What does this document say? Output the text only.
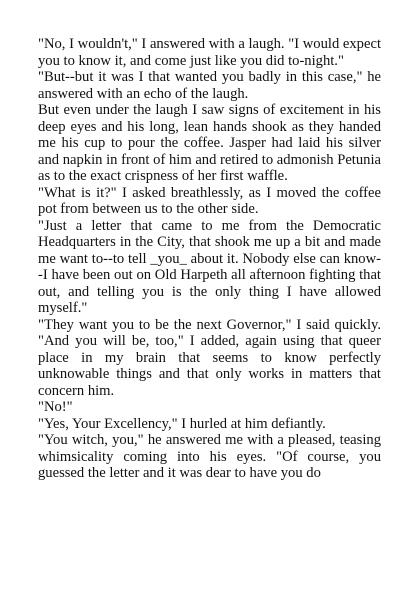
"No, I wouldn't," I answered with a laugh. "I would expect you to know it, and come just like you did to-night."

"But--but it was I that wanted you badly in this case," he answered with an echo of the laugh.

But even under the laugh I saw signs of excitement in his deep eyes and his long, lean hands shook as they handed me his cup to pour the coffee. Jasper had laid his silver and napkin in front of him and retired to admonish Petunia as to the exact crispness of her first waffle.

"What is it?" I asked breathlessly, as I moved the coffee pot from between us to the other side.

"Just a letter that came to me from the Democratic Headquarters in the City, that shook me up a bit and made me want to--to tell _you_ about it. Nobody else can know--I have been out on Old Harpeth all afternoon fighting that out, and telling you is the only thing I have allowed myself."

"They want you to be the next Governor," I said quickly. "And you will be, too," I added, again using that queer place in my brain that seems to know perfectly unknowable things and that only works in matters that concern him.

"No!"

"Yes, Your Excellency," I hurled at him defiantly.

"You witch, you," he answered me with a pleased, teasing whimsicality coming into his eyes. "Of course, you guessed the letter and it was dear to have you do
